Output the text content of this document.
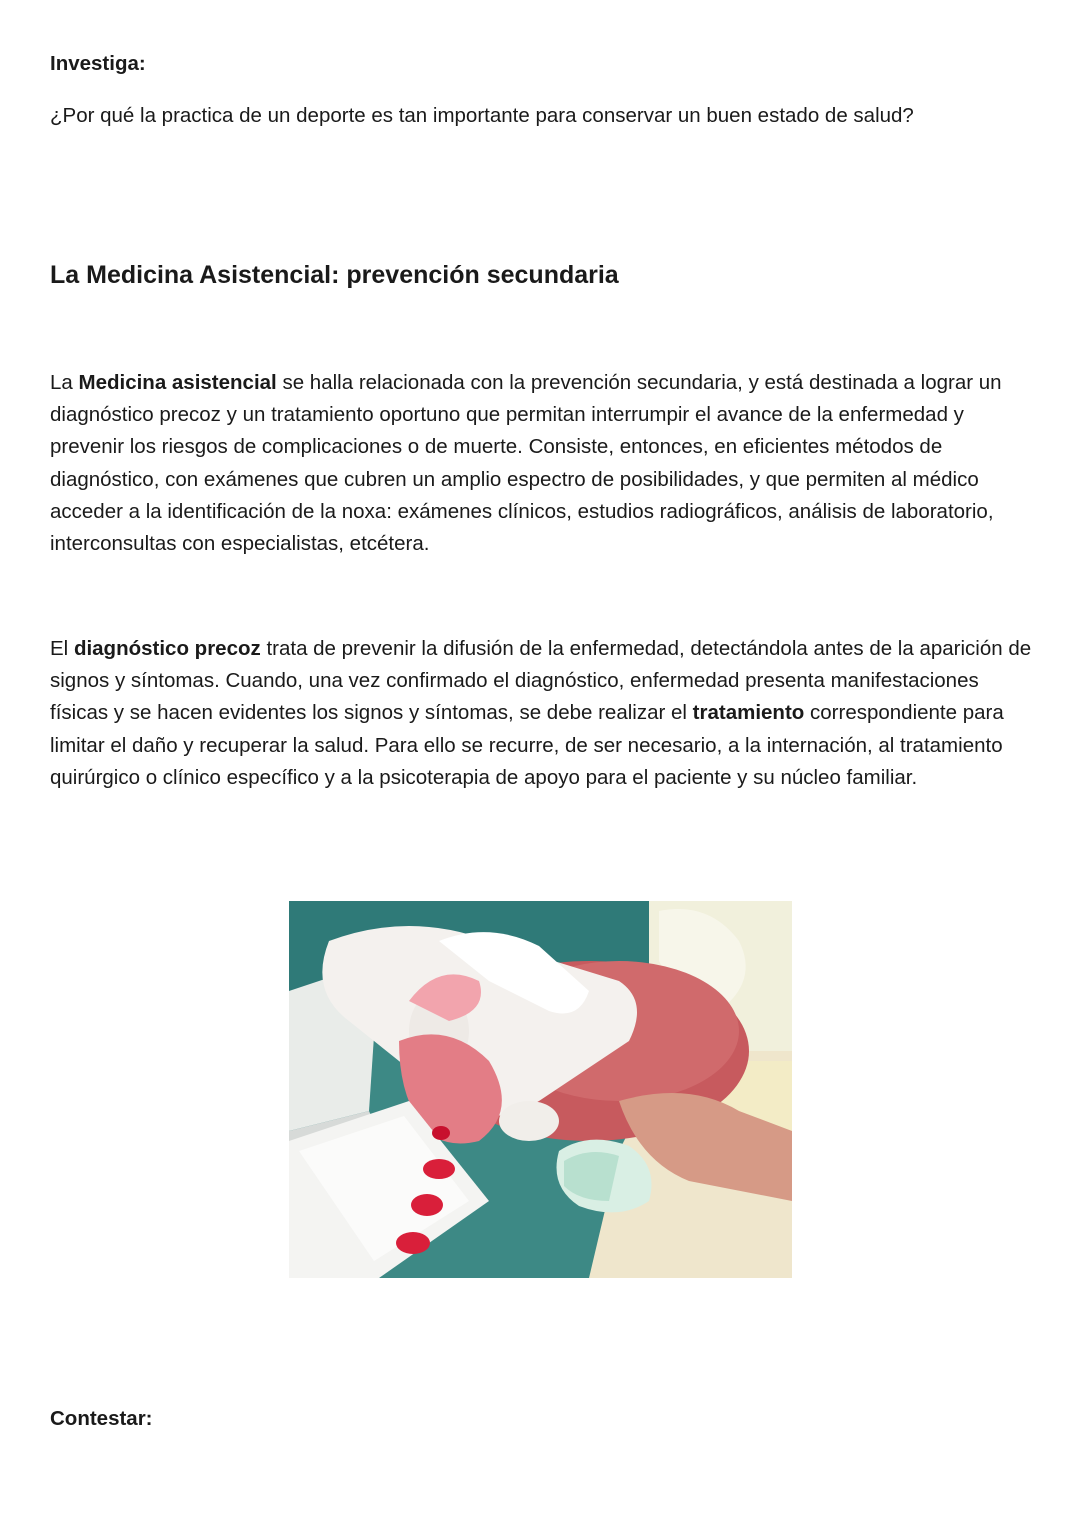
Investiga:
¿Por qué la practica de un deporte es tan importante para conservar un buen estado de salud?
La Medicina Asistencial: prevención secundaria
La Medicina asistencial se halla relacionada con la prevención secundaria, y está destinada a lograr un diagnóstico precoz y un tratamiento oportuno que permitan interrumpir el avance de la enfermedad y prevenir los riesgos de complicaciones o de muerte. Consiste, entonces, en eficientes métodos de diagnóstico, con exámenes que cubren un amplio espectro de posibilidades, y que permiten al médico acceder a la identificación de la noxa: exámenes clínicos, estudios radiográficos, análisis de laboratorio, interconsultas con especialistas, etcétera.
El diagnóstico precoz trata de prevenir la difusión de la enfermedad, detectándola antes de la aparición de signos y síntomas. Cuando, una vez confirmado el diagnóstico, enfermedad presenta manifestaciones físicas y se hacen evidentes los signos y síntomas, se debe realizar el tratamiento correspondiente para limitar el daño y recuperar la salud. Para ello se recurre, de ser necesario, a la internación, al tratamiento quirúrgico o clínico específico y a la psicoterapia de apoyo para el paciente y su núcleo familiar.
Contestar:
